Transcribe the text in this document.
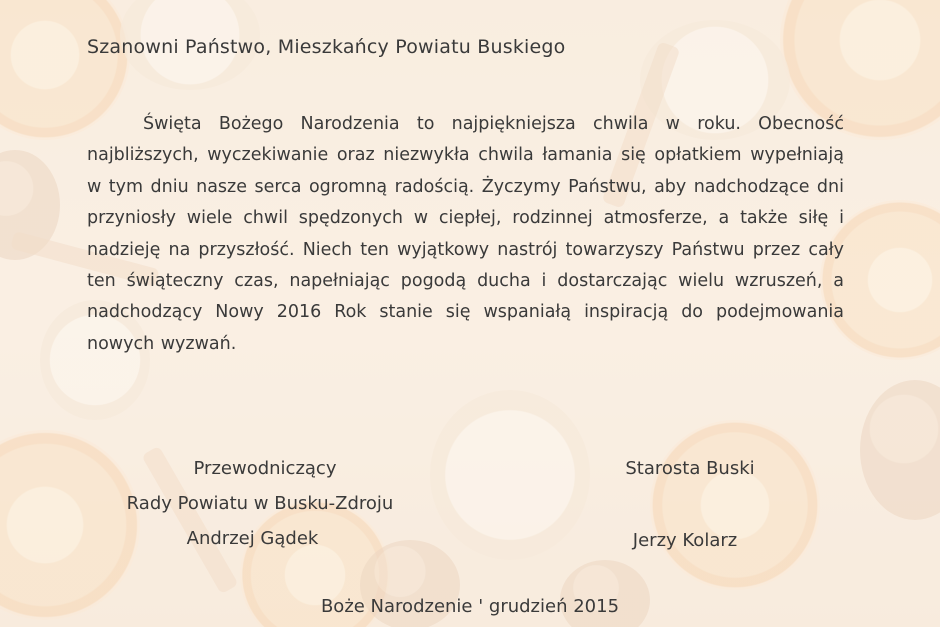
Szanowni Państwo, Mieszkańcy Powiatu Buskiego
Święta Bożego Narodzenia to najpiękniejsza chwila w roku. Obecność najbliższych, wyczekiwanie oraz niezwykła chwila łamania się opłatkiem wypełniają w tym dniu nasze serca ogromną radością. Życzymy Państwu, aby nadchodzące dni przyniosły wiele chwil spędzonych w ciepłej, rodzinnej atmosferze, a także siłę i nadzieję na przyszłość. Niech ten wyjątkowy nastrój towarzyszy Państwu przez cały ten świąteczny czas, napełniając pogodą ducha i dostarczając wielu wzruszeń, a nadchodzący Nowy 2016 Rok stanie się wspaniałą inspiracją do podejmowania nowych wyzwań.
Przewodniczący
Rady Powiatu w Busku-Zdroju
Andrzej Gądek
Starosta Buski
Jerzy Kolarz
Boże Narodzenie ' grudzień 2015
